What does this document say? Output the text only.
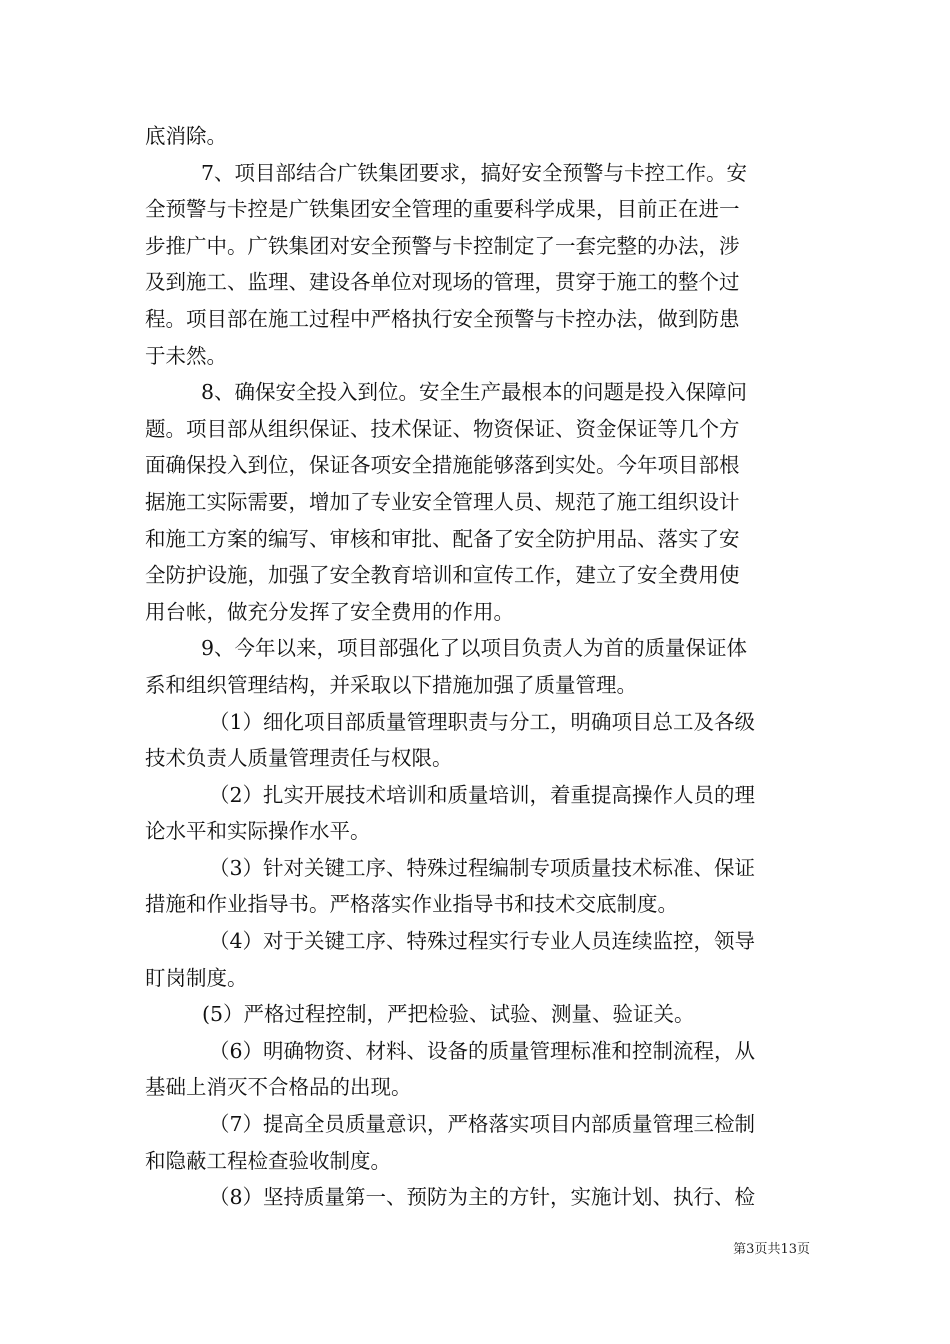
底消除。
7、项目部结合广铁集团要求，搞好安全预警与卡控工作。安
全预警与卡控是广铁集团安全管理的重要科学成果，目前正在进一
步推广中。广铁集团对安全预警与卡控制定了一套完整的办法，涉
及到施工、监理、建设各单位对现场的管理，贯穿于施工的整个过
程。项目部在施工过程中严格执行安全预警与卡控办法，做到防患
于未然。
8、确保安全投入到位。安全生产最根本的问题是投入保障问
题。项目部从组织保证、技术保证、物资保证、资金保证等几个方
面确保投入到位，保证各项安全措施能够落到实处。今年项目部根
据施工实际需要，增加了专业安全管理人员、规范了施工组织设计
和施工方案的编写、审核和审批、配备了安全防护用品、落实了安
全防护设施，加强了安全教育培训和宣传工作，建立了安全费用使
用台帐，做充分发挥了安全费用的作用。
9、今年以来，项目部强化了以项目负责人为首的质量保证体
系和组织管理结构，并采取以下措施加强了质量管理。
（1）细化项目部质量管理职责与分工，明确项目总工及各级
技术负责人质量管理责任与权限。
（2）扎实开展技术培训和质量培训，着重提高操作人员的理
论水平和实际操作水平。
（3）针对关键工序、特殊过程编制专项质量技术标准、保证
措施和作业指导书。严格落实作业指导书和技术交底制度。
（4）对于关键工序、特殊过程实行专业人员连续监控，领导
盯岗制度。
(5）严格过程控制，严把检验、试验、测量、验证关。
（6）明确物资、材料、设备的质量管理标准和控制流程，从
基础上消灭不合格品的出现。
（7）提高全员质量意识，严格落实项目内部质量管理三检制
和隐蔽工程检查验收制度。
（8）坚持质量第一、预防为主的方针，实施计划、执行、检
第3页共13页
